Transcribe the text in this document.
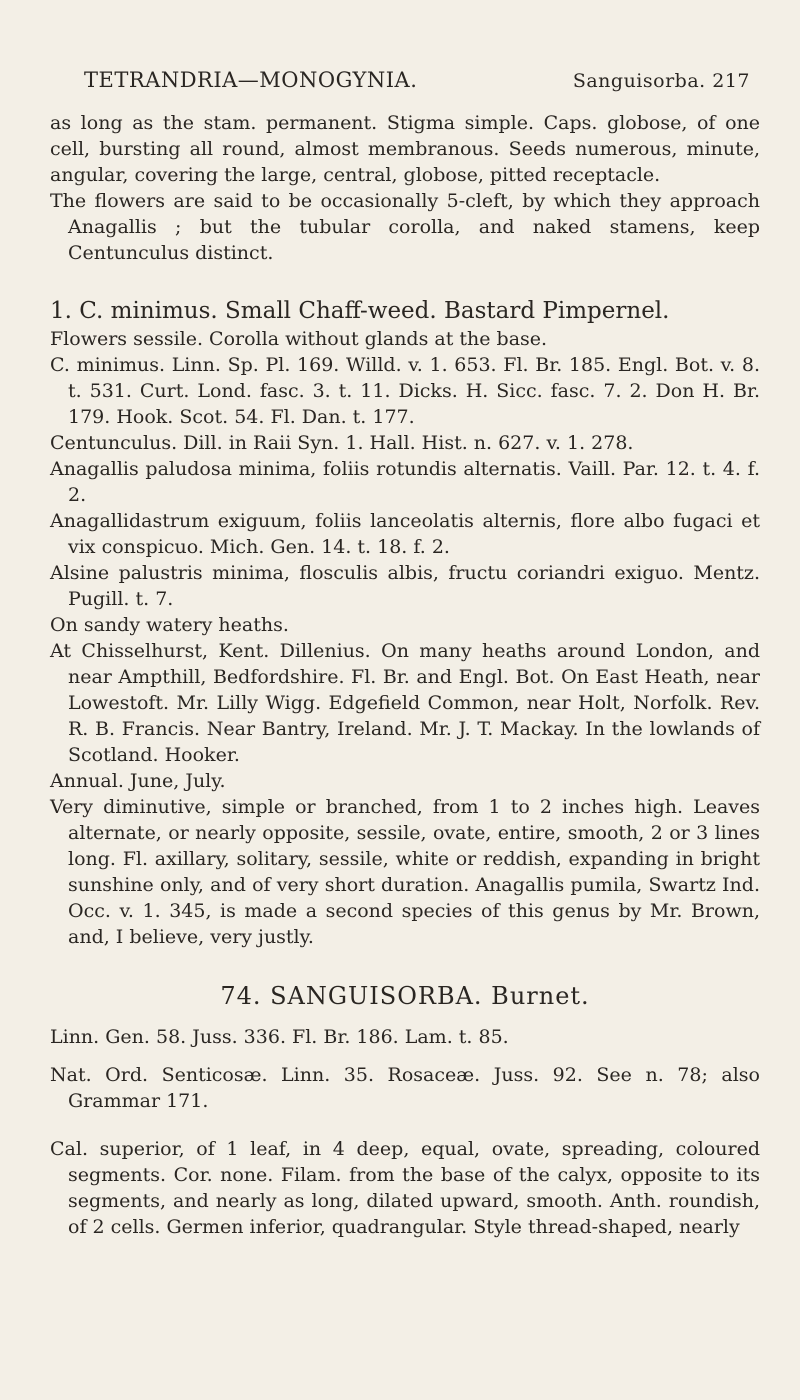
TETRANDRIA—MONOGYNIA.	Sanguisorba. 217

as long as the stam. permanent. Stigma simple. Caps. globose, of one cell, bursting all round, almost membranous. Seeds numerous, minute, angular, covering the large, central, globose, pitted receptacle.

The flowers are said to be occasionally 5-cleft, by which they approach Anagallis ; but the tubular corolla, and naked stamens, keep Centunculus distinct.

1. C. minimus. Small Chaff-weed. Bastard Pimpernel.

Flowers sessile. Corolla without glands at the base.

C. minimus. Linn. Sp. Pl. 169. Willd. v. 1. 653. Fl. Br. 185. Engl. Bot. v. 8. t. 531. Curt. Lond. fasc. 3. t. 11. Dicks. H. Sicc. fasc. 7. 2. Don H. Br. 179. Hook. Scot. 54. Fl. Dan. t. 177.

Centunculus. Dill. in Raii Syn. 1. Hall. Hist. n. 627. v. 1. 278.

Anagallis paludosa minima, foliis rotundis alternatis. Vaill. Par. 12. t. 4. f. 2.

Anagallidastrum exiguum, foliis lanceolatis alternis, flore albo fugaci et vix conspicuo. Mich. Gen. 14. t. 18. f. 2.

Alsine palustris minima, flosculis albis, fructu coriandri exiguo. Mentz. Pugill. t. 7.

On sandy watery heaths.

At Chisselhurst, Kent. Dillenius. On many heaths around London, and near Ampthill, Bedfordshire. Fl. Br. and Engl. Bot. On East Heath, near Lowestoft. Mr. Lilly Wigg. Edgefield Common, near Holt, Norfolk. Rev. R. B. Francis. Near Bantry, Ireland. Mr. J. T. Mackay. In the lowlands of Scotland. Hooker.

Annual. June, July.

Very diminutive, simple or branched, from 1 to 2 inches high. Leaves alternate, or nearly opposite, sessile, ovate, entire, smooth, 2 or 3 lines long. Fl. axillary, solitary, sessile, white or reddish, expanding in bright sunshine only, and of very short duration. Anagallis pumila, Swartz Ind. Occ. v. 1. 345, is made a second species of this genus by Mr. Brown, and, I believe, very justly.

74. SANGUISORBA. Burnet.

Linn. Gen. 58. Juss. 336. Fl. Br. 186. Lam. t. 85.

Nat. Ord. Senticosæ. Linn. 35. Rosaceæ. Juss. 92. See n. 78; also Grammar 171.

Cal. superior, of 1 leaf, in 4 deep, equal, ovate, spreading, coloured segments. Cor. none. Filam. from the base of the calyx, opposite to its segments, and nearly as long, dilated upward, smooth. Anth. roundish, of 2 cells. Germen inferior, quadrangular. Style thread-shaped, nearly
